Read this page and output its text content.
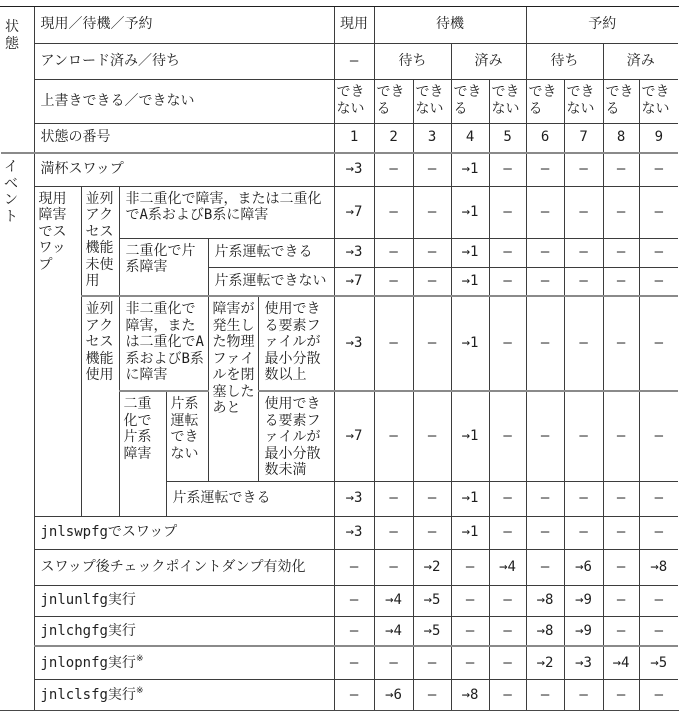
状態	現用／待機／予約						現用	待機				予約			
	アンロード済み／待ち						—	待ち		済み		待ち		済み	
	上書きできる／できない						できない	できる	できない	できる	できない	できる	できない	できる	できない
	状態の番号						1	2	3	4	5	6	7	8	9
イベント	満杯スワップ						→3	—	—	→1	—	—	—	—	—
	現用障害でスワップ	並列アクセス機能未使用	非二重化で障害，または二重化でA系およびB系に障害				→7	—	—	→1	—	—	—	—	—
			二重化で片系障害		片系運転できる		→3	—	—	→1	—	—	—	—	—
					片系運転できない		→7	—	—	→1	—	—	—	—	—
		並列アクセス機能使用	非二重化で障害，または二重化でA系およびB系に障害		障害が発生した物理ファイルを閉塞したあと	使用できる要素ファイルが最小分散数以上	→3	—	—	→1	—	—	—	—	—
			二重化で片系障害	片系運転できない		使用できる要素ファイルが最小分散数未満	→7	—	—	→1	—	—	—	—	—
				片系運転できる			→3	—	—	→1	—	—	—	—	—
	jnlswpfgでスワップ						→3	—	—	→1	—	—	—	—	—
	スワップ後チェックポイントダンプ有効化						—	—	→2	—	→4	—	→6	—	→8
	jnlunlfg実行						—	→4	→5	—	—	→8	→9	—	—
	jnlchgfg実行						—	→4	→5	—	—	→8	→9	—	—
	jnlopnfg実行※						—	—	—	—	—	→2	→3	→4	→5
	jnlclsfg実行※						—	→6	—	→8	—	—	—	—	—
